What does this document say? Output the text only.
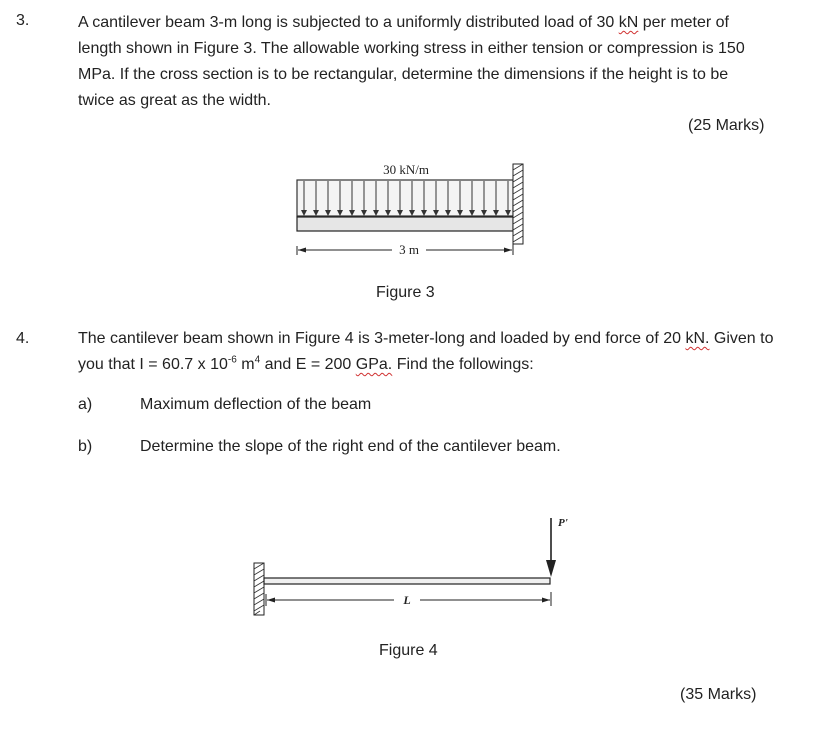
3.	A cantilever beam 3-m long is subjected to a uniformly distributed load of 30 kN per meter of
length shown in Figure 3. The allowable working stress in either tension or compression is 150
MPa. If the cross section is to be rectangular, determine the dimensions if the height is to be
twice as great as the width.
(25 Marks)
30 kN/m
3 m
Figure 3
4.	The cantilever beam shown in Figure 4 is 3-meter-long and loaded by end force of 20 kN. Given to
you that I = 60.7 x $10^{-6}$ $m^4$ and E = 200 GPa. Find the followings:
a)	Maximum deflection of the beam
b)	Determine the slope of the right end of the cantilever beam.
P'
L
Figure 4
(35 Marks)
